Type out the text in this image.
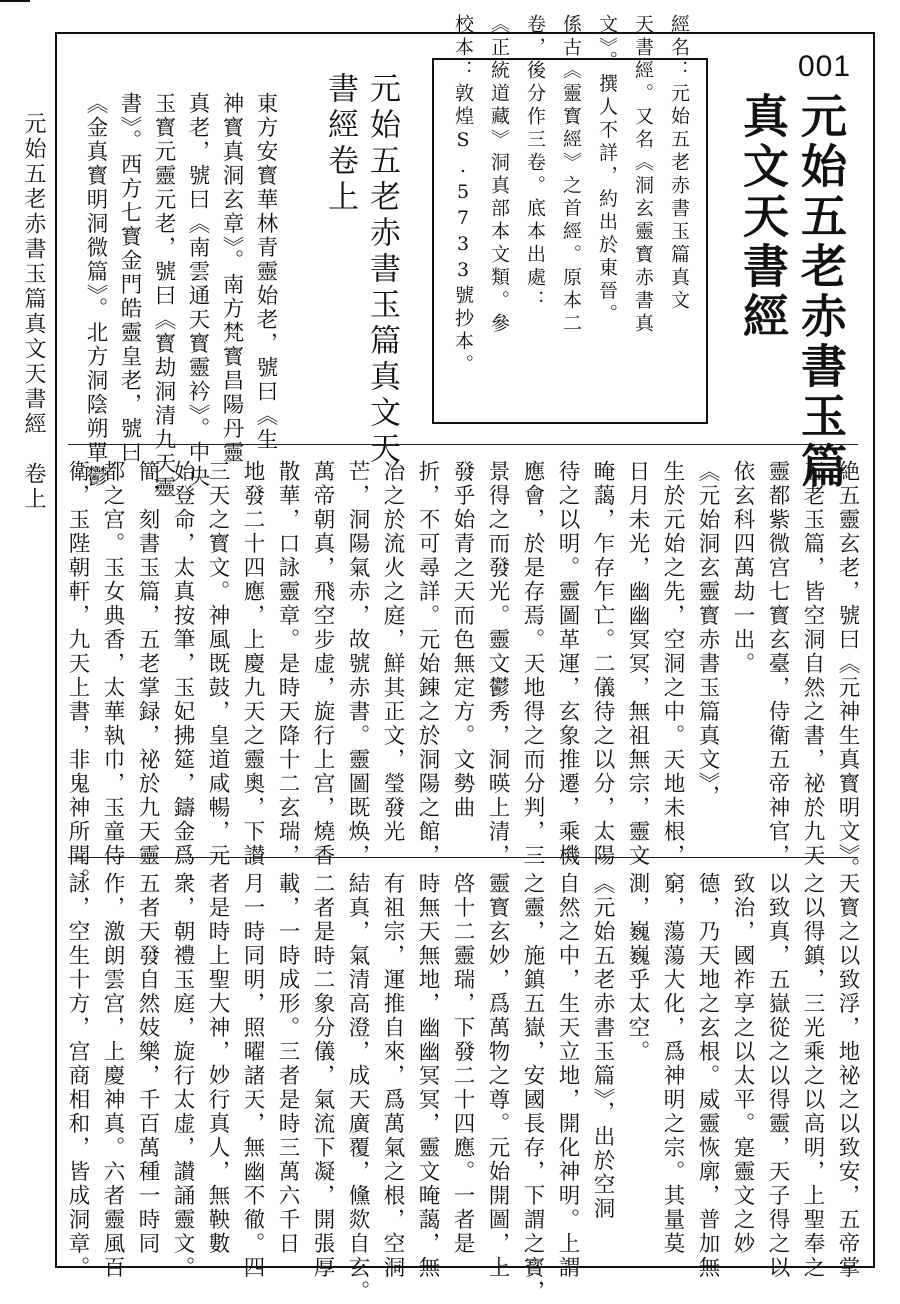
元始五老赤書玉篇真文天書經　卷上
001
元始五老赤書玉篇
真文天書經
校本：敦煌S.5733號抄本。 《正統道藏》洞真部本文類。參 卷，後分作三卷。底本出處： 係古《靈寳經》之首經。原本二 文》。撰人不詳，約出於東晉。 天書經。又名《洞玄靈寳赤書真 經名：元始五老赤書玉篇真文
元始五老赤書玉篇真文天
書經卷上
東方安寳華林青靈始老，號曰《生
神寳真洞玄章》。南方梵寳昌陽丹靈
真老，號曰《南雲通天寳靈衿》。中央
玉寳元靈元老，號曰《寳劫洞清九天靈
書》。西方七寳金門皓靈皇老，號曰
《金真寳明洞微篇》。北方洞陰朔單鬱
絶五靈玄老，號曰《元神生真寳明文》。
五老玉篇，皆空洞自然之書，祕於九天
靈都紫微宫七寳玄臺，侍衛五帝神官，
依玄科四萬劫一出。
《元始洞玄靈寳赤書玉篇真文》，
生於元始之先，空洞之中。天地未根，
日月未光，幽幽冥冥，無祖無宗，靈文
晻藹，乍存乍亡。二儀待之以分，太陽
待之以明。靈圖革運，玄象推遷，乘機
應會，於是存焉。天地得之而分判，三
景得之而發光。靈文鬱秀，洞暎上清，
發乎始青之天而色無定方。文勢曲
折，不可尋詳。元始錬之於洞陽之館，
冶之於流火之庭，鮮其正文，瑩發光
芒，洞陽氣赤，故號赤書。靈圖既焕，
萬帝朝真，飛空步虚，旋行上宫，燒香
散華，口詠靈章。是時天降十二玄瑞，
地發二十四應，上慶九天之靈奧，下讃
三天之寳文。神風既鼓，皇道咸暢，元
始登命，太真按筆，玉妃拂筵，鑄金爲
簡，刻書玉篇，五老掌録，祕於九天靈
都之宫。玉女典香，太華執巾，玉童侍
衛，玉陛朝軒，九天上書，非鬼神所聞。
天寳之以致浮，地祕之以致安，五帝掌
之以得鎮，三光乘之以高明，上聖奉之
以致真，五嶽從之以得靈，天子得之以
致治，國祚享之以太平。寔靈文之妙
德，乃天地之玄根。威靈恢廓，普加無
窮，蕩蕩大化，爲神明之宗。其量莫
測，巍巍乎太空。
《元始五老赤書玉篇》，出於空洞
自然之中，生天立地，開化神明。上謂
之靈，施鎮五嶽，安國長存，下謂之寳，
靈寳玄妙，爲萬物之尊。元始開圖，上
啓十二靈瑞，下發二十四應。一者是
時無天無地，幽幽冥冥，靈文晻藹，無
有祖宗，運推自來，爲萬氣之根，空洞
結真，氣清高澄，成天廣覆，儵欻自玄。
二者是時二象分儀，氣流下凝，開張厚
載，一時成形。三者是時三萬六千日
月一時同明，照曜諸天，無幽不徹。四
者是時上聖大神，妙行真人，無鞅數
衆，朝禮玉庭，旋行太虚，讃誦靈文。
五者天發自然妓樂，千百萬種一時同
作，激朗雲宫，上慶神真。六者靈風百
詠，空生十方，宫商相和，皆成洞章。
